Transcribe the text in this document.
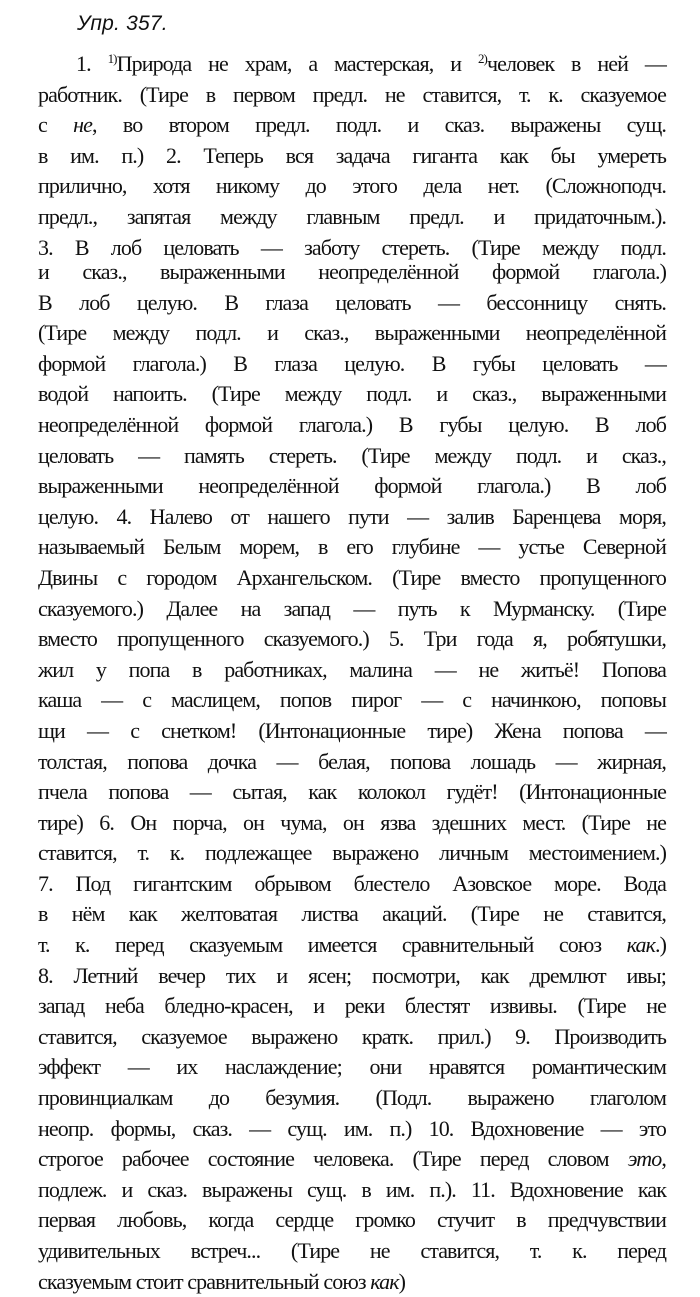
Упр. 357.
1. $^{1)}$Природа не храм, а мастерская, и $^{2)}$человек в ней —
работник. (Тире в первом предл. не ставится, т. к. сказуемое
с не, во втором предл. подл. и сказ. выражены сущ.
в им. п.) 2. Теперь вся задача гиганта как бы умереть
прилично, хотя никому до этого дела нет. (Сложноподч.
предл., запятая между главным предл. и придаточным.).
3. В лоб целовать — заботу стереть. (Тире между подл.
и сказ., выраженными неопределённой формой глагола.)
В лоб целую. В глаза целовать — бессонницу снять.
(Тире между подл. и сказ., выраженными неопределённой
формой глагола.) В глаза целую. В губы целовать —
водой напоить. (Тире между подл. и сказ., выраженными
неопределённой формой глагола.) В губы целую. В лоб
целовать — память стереть. (Тире между подл. и сказ.,
выраженными неопределённой формой глагола.) В лоб
целую. 4. Налево от нашего пути — залив Баренцева моря,
называемый Белым морем, в его глубине — устье Северной
Двины с городом Архангельском. (Тире вместо пропущенного
сказуемого.) Далее на запад — путь к Мурманску. (Тире
вместо пропущенного сказуемого.) 5. Три года я, робятушки,
жил у попа в работниках, малина — не житьё! Попова
каша — с маслицем, попов пирог — с начинкою, поповы
щи — с снетком! (Интонационные тире) Жена попова —
толстая, попова дочка — белая, попова лошадь — жирная,
пчела попова — сытая, как колокол гудёт! (Интонационные
тире) 6. Он порча, он чума, он язва здешних мест. (Тире не
ставится, т. к. подлежащее выражено личным местоимением.)
7. Под гигантским обрывом блестело Азовское море. Вода
в нём как желтоватая листва акаций. (Тире не ставится,
т. к. перед сказуемым имеется сравнительный союз как.)
8. Летний вечер тих и ясен; посмотри, как дремлют ивы;
запад неба бледно-красен, и реки блестят извивы. (Тире не
ставится, сказуемое выражено кратк. прил.) 9. Производить
эффект — их наслаждение; они нравятся романтическим
провинциалкам до безумия. (Подл. выражено глаголом
неопр. формы, сказ. — сущ. им. п.) 10. Вдохновение — это
строгое рабочее состояние человека. (Тире перед словом это,
подлеж. и сказ. выражены сущ. в им. п.). 11. Вдохновение как
первая любовь, когда сердце громко стучит в предчувствии
удивительных встреч... (Тире не ставится, т. к. перед
сказуемым стоит сравнительный союз как)
